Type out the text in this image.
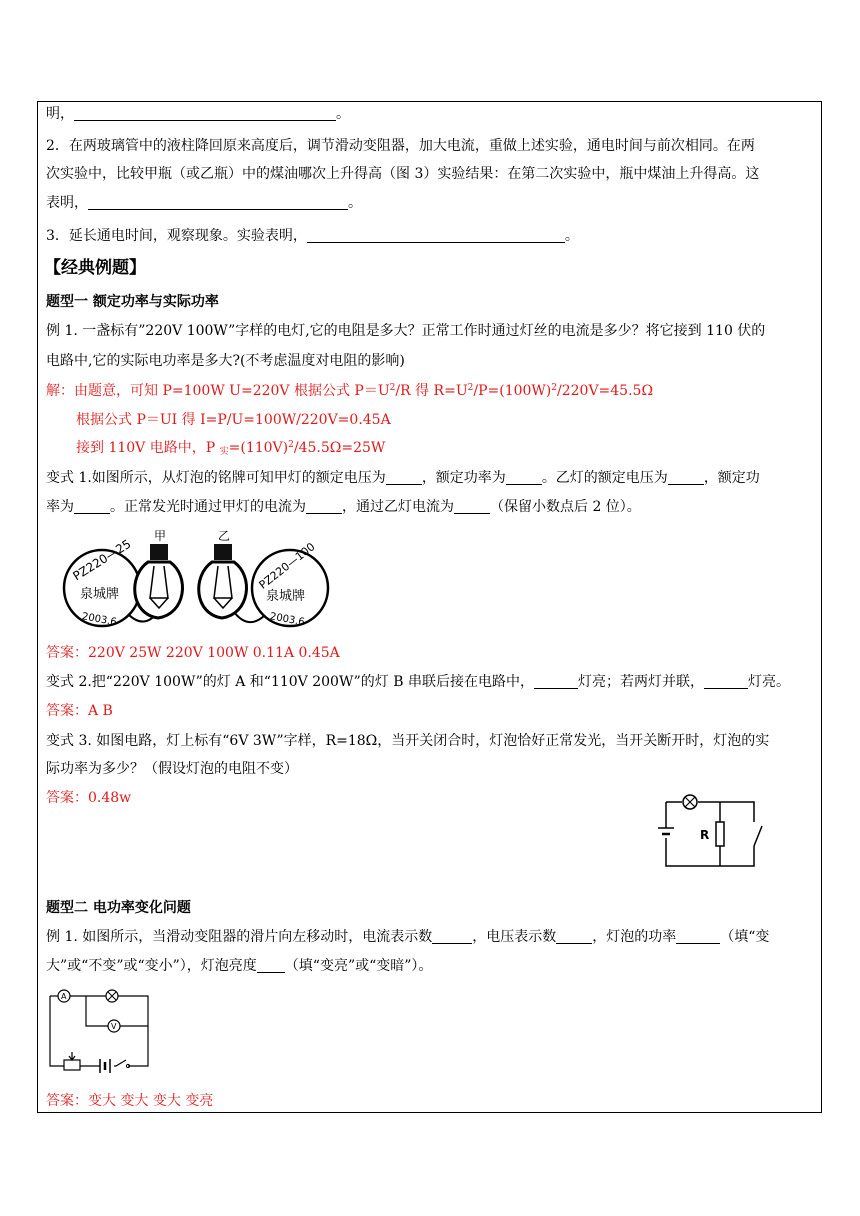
明，	。

2．在两玻璃管中的液柱降回原来高度后，调节滑动变阻器，加大电流，重做上述实验，通电时间与前次相同。在两

次实验中，比较甲瓶（或乙瓶）中的煤油哪次上升得高（图 3）实验结果：在第二次实验中，瓶中煤油上升得高。这

表明，	。

3．延长通电时间，观察现象。实验表明，	。

【经典例题】

题型一 额定功率与实际功率

例 1. 一盏标有”220V 100W”字样的电灯,它的电阻是多大？正常工作时通过灯丝的电流是多少？将它接到 110 伏的

电路中,它的实际电功率是多大?(不考虑温度对电阻的影响)

解：由题意，可知 P=100W U=220V 根据公式 $P=U^2/R$ 得 $R=U^2/P=(100W)^2/220V=45.5\Omega$

根据公式 P＝UI 得 I=P/U=100W/220V=0.45A

接到 110V 电路中，P $_实=(110V)^2/45.5\Omega=25W$

变式 1.如图所示，从灯泡的铭牌可知甲灯的额定电压为	，额定功率为	。乙灯的额定电压为	，额定功

率为	。正常发光时通过甲灯的电流为	，通过乙灯电流为	（保留小数点后 2 位）。

PZ220—25
泉城牌
2003.6
甲	乙
PZ220—100
泉城牌
2003.6

答案：220V 25W 220V 100W 0.11A 0.45A

变式 2.把“220V 100W”的灯 A 和“110V 200W”的灯 B 串联后接在电路中，	灯亮；若两灯并联，	灯亮。

答案：A B

变式 3. 如图电路，灯上标有“6V 3W”字样，R=18Ω，当开关闭合时，灯泡恰好正常发光，当开关断开时，灯泡的实

际功率为多少？（假设灯泡的电阻不变）

答案：0.48w

R

题型二 电功率变化问题

例 1. 如图所示，当滑动变阻器的滑片向左移动时，电流表示数	，电压表示数	，灯泡的功率	（填“变

大”或“不变”或“变小”），灯泡亮度 （填“变亮”或“变暗”）。

A
V

答案：变大 变大 变大 变亮
